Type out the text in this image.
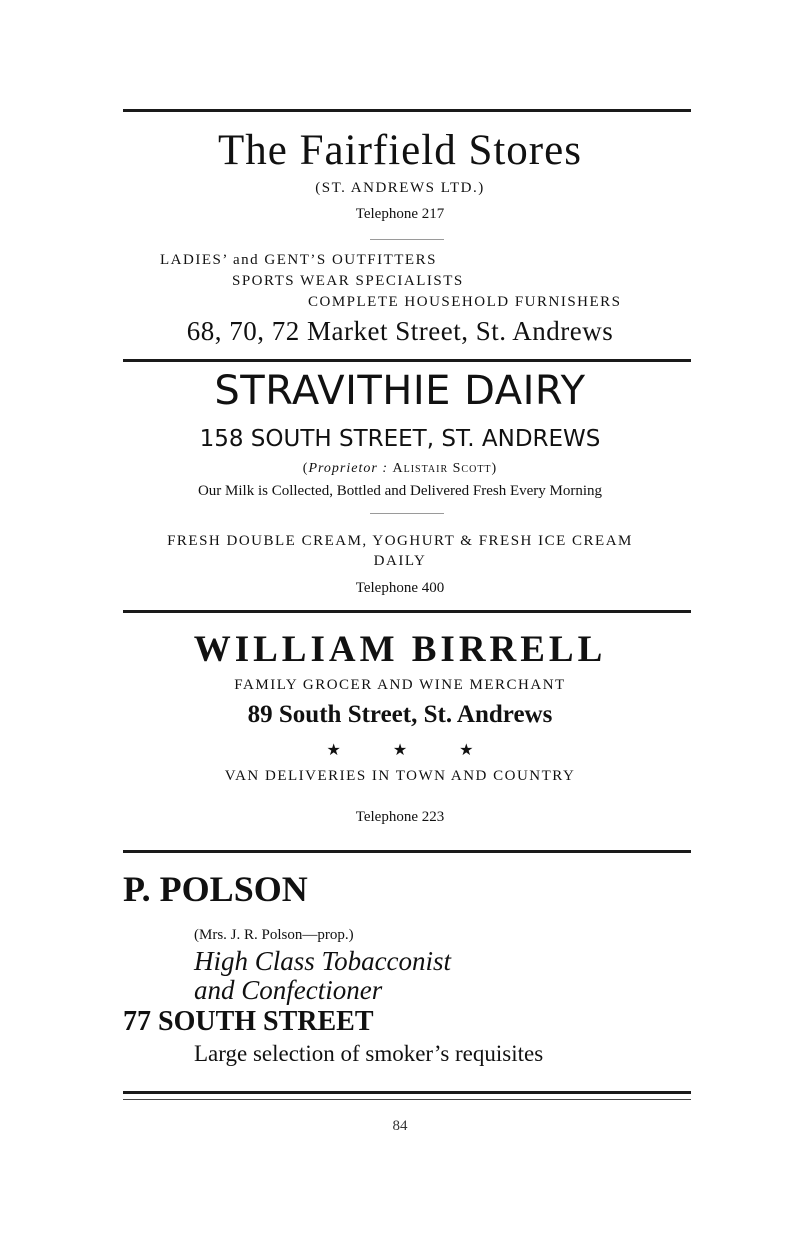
The Fairfield Stores
(ST. ANDREWS LTD.)
Telephone 217
LADIES’ and GENT’S OUTFITTERS
SPORTS WEAR SPECIALISTS
COMPLETE HOUSEHOLD FURNISHERS
68, 70, 72 Market Street, St. Andrews
STRAVITHIE DAIRY
158 SOUTH STREET, ST. ANDREWS
(Proprietor : Alistair Scott)
Our Milk is Collected, Bottled and Delivered Fresh Every Morning
FRESH DOUBLE CREAM, YOGHURT & FRESH ICE CREAM
DAILY
Telephone 400
WILLIAM BIRRELL
FAMILY GROCER AND WINE MERCHANT
89 South Street, St. Andrews
★	★	★
VAN DELIVERIES IN TOWN AND COUNTRY
Telephone 223
P. POLSON
(Mrs. J. R. Polson—prop.)
High Class Tobacconist
and Confectioner
77 SOUTH STREET
Large selection of smoker’s requisites
84
